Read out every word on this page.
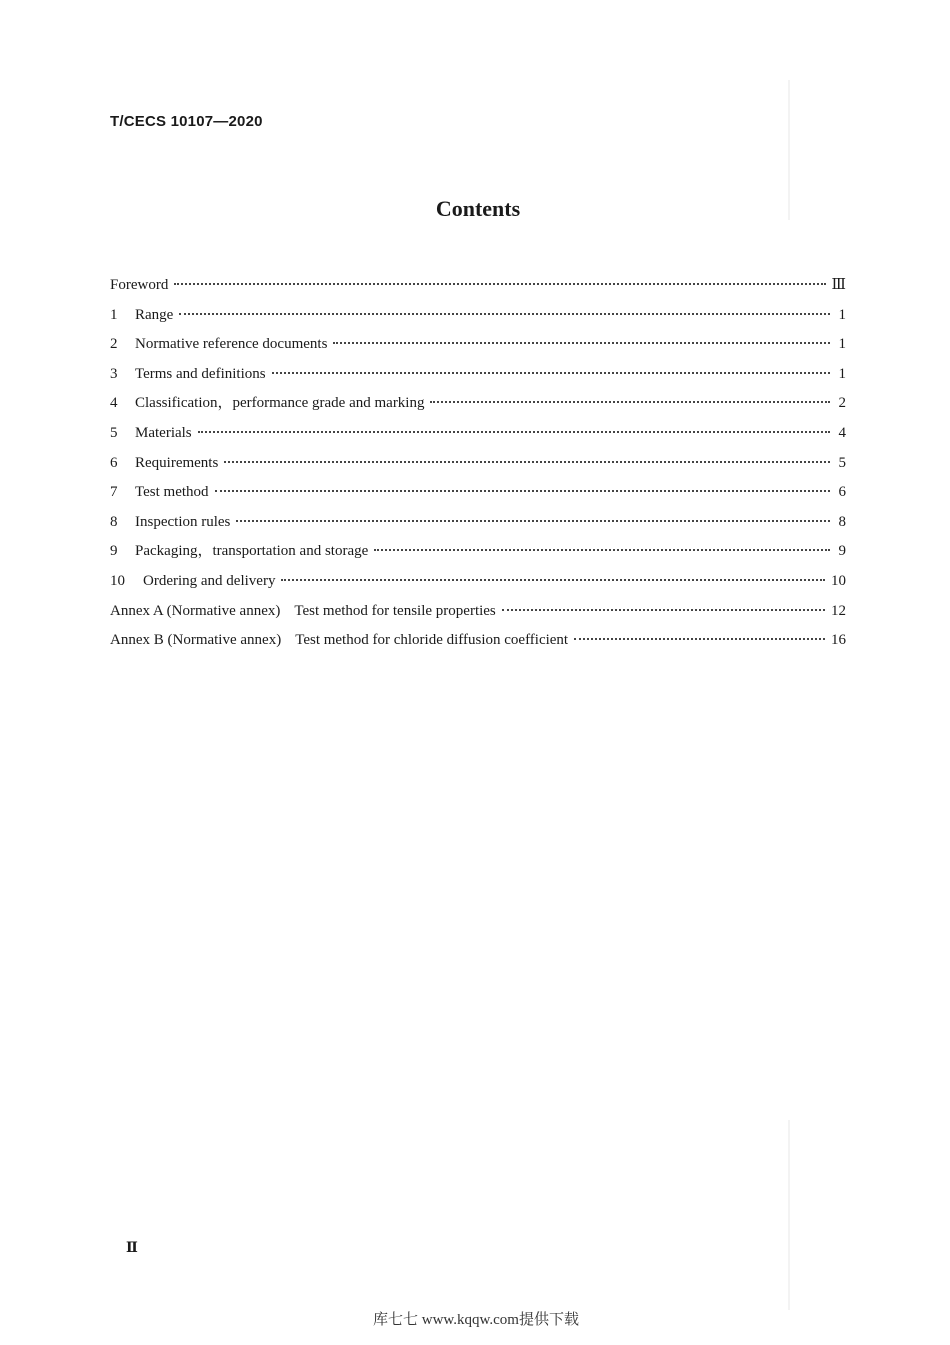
T/CECS 10107—2020
Contents
Foreword	Ⅲ
1	Range	1
2	Normative reference documents	1
3	Terms and definitions	1
4	Classification，performance grade and marking	2
5	Materials	4
6	Requirements	5
7	Test method	6
8	Inspection rules	8
9	Packaging，transportation and storage	9
10	Ordering and delivery	10
Annex A (Normative annex) Test method for tensile properties	12
Annex B (Normative annex) Test method for chloride diffusion coefficient	16
Ⅱ
库七七 www.kqqw.com提供下载
